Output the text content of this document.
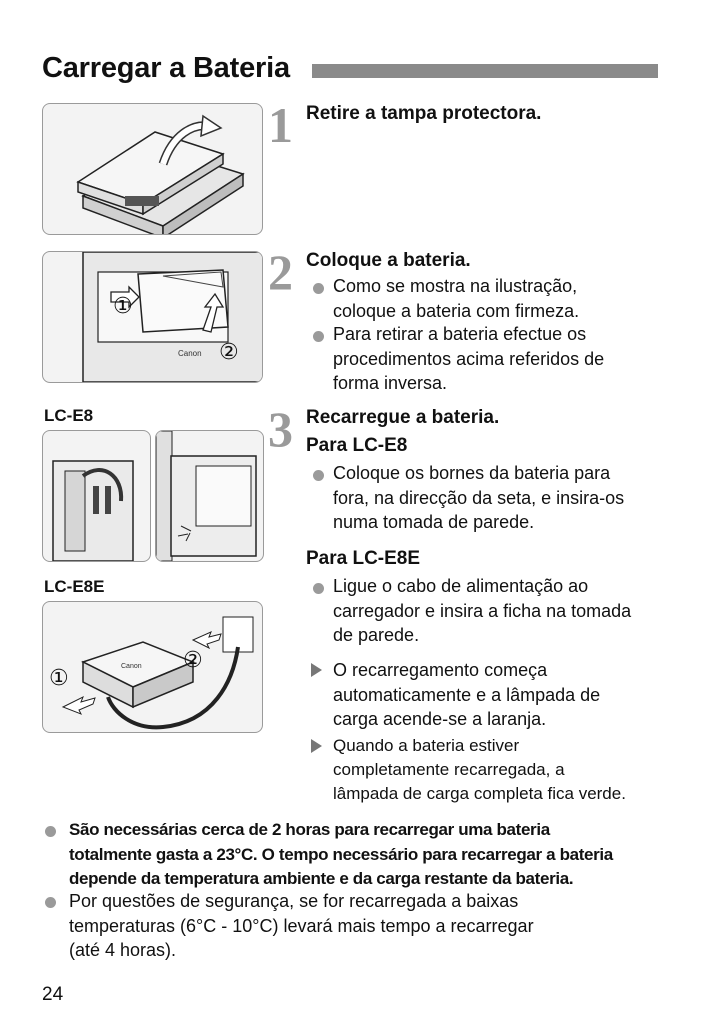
Carregar a Bateria
1 Retire a tampa protectora.
Canon
①
②
2 Coloque a bateria.
Como se mostra na ilustração,
coloque a bateria com firmeza.
Para retirar a bateria efectue os
procedimentos acima referidos de
forma inversa.
LC-E8	3 Recarregue a bateria.
Para LC-E8
Coloque os bornes da bateria para
fora, na direcção da seta, e insira-os
numa tomada de parede.
Para LC-E8E
LC-E8E
Canon
①
②
Ligue o cabo de alimentação ao
carregador e insira a ficha na tomada
de parede.
O recarregamento começa
automaticamente e a lâmpada de
carga acende-se a laranja.
Quando a bateria estiver
completamente recarregada, a
lâmpada de carga completa fica verde.
São necessárias cerca de 2 horas para recarregar uma bateria
totalmente gasta a 23°C. O tempo necessário para recarregar a bateria
depende da temperatura ambiente e da carga restante da bateria.
Por questões de segurança, se for recarregada a baixas
temperaturas (6°C - 10°C) levará mais tempo a recarregar
(até 4 horas).
24
